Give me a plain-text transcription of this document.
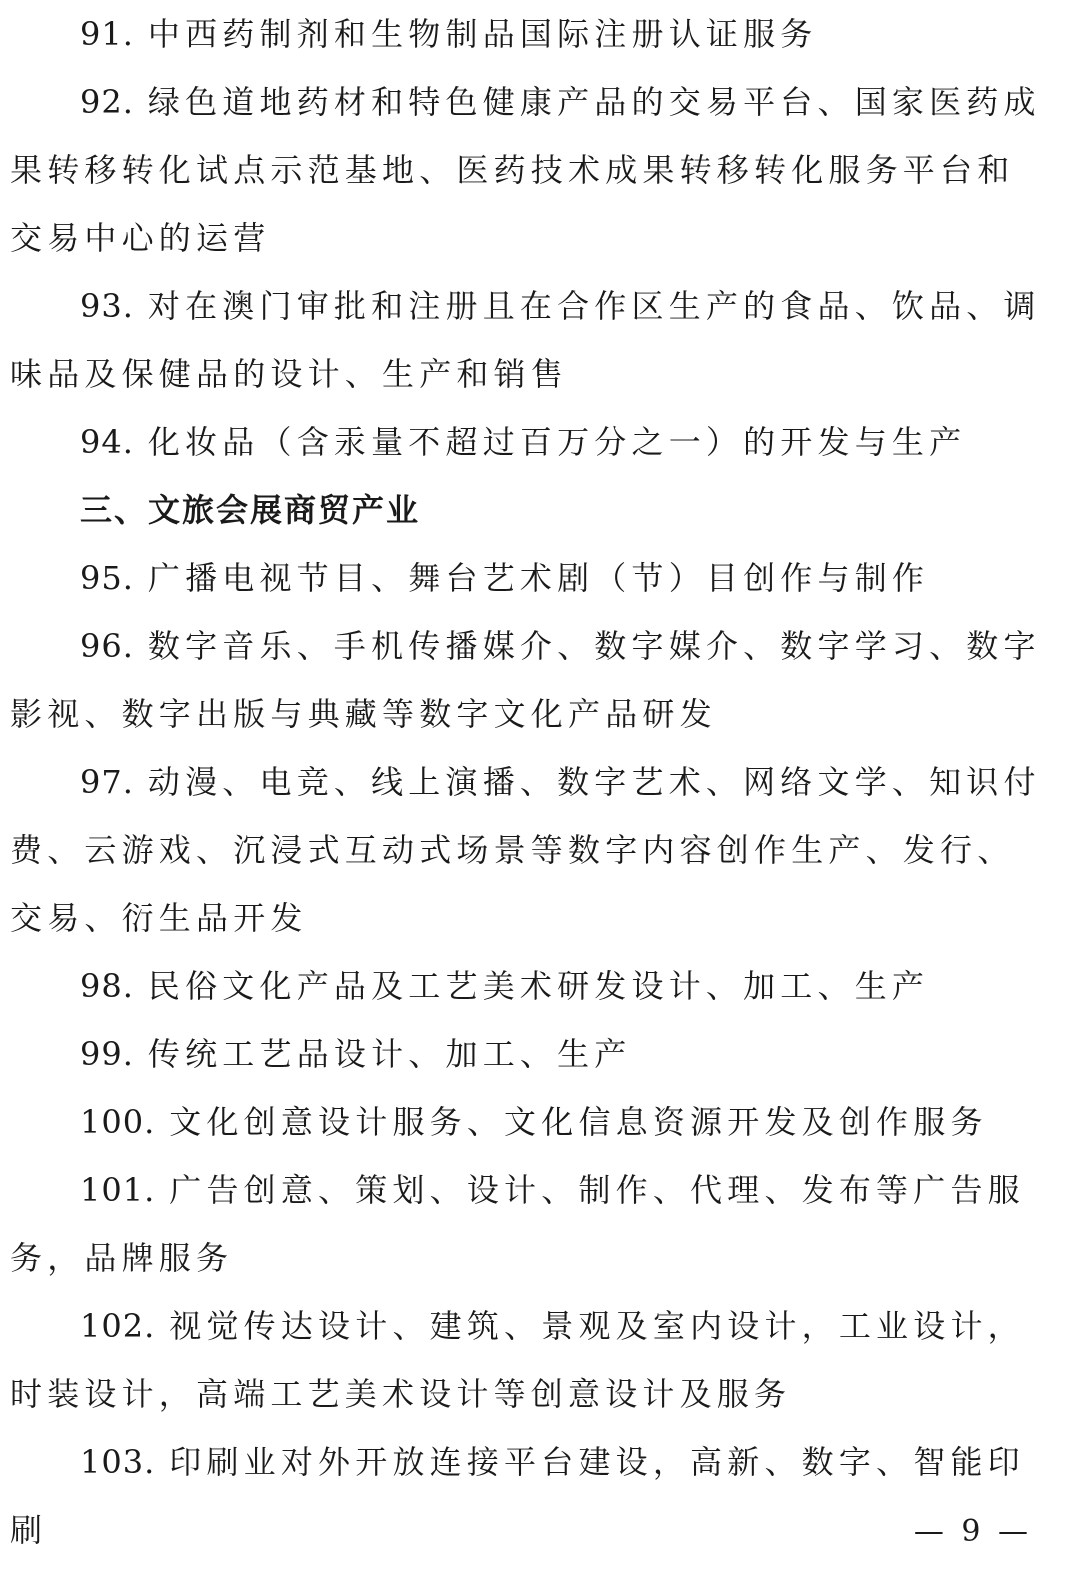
91. 中西药制剂和生物制品国际注册认证服务

92. 绿色道地药材和特色健康产品的交易平台、国家医药成果转移转化试点示范基地、医药技术成果转移转化服务平台和交易中心的运营

93. 对在澳门审批和注册且在合作区生产的食品、饮品、调味品及保健品的设计、生产和销售

94. 化妆品（含汞量不超过百万分之一）的开发与生产

三、文旅会展商贸产业

95. 广播电视节目、舞台艺术剧（节）目创作与制作

96. 数字音乐、手机传播媒介、数字媒介、数字学习、数字影视、数字出版与典藏等数字文化产品研发

97. 动漫、电竞、线上演播、数字艺术、网络文学、知识付费、云游戏、沉浸式互动式场景等数字内容创作生产、发行、交易、衍生品开发

98. 民俗文化产品及工艺美术研发设计、加工、生产

99. 传统工艺品设计、加工、生产

100. 文化创意设计服务、文化信息资源开发及创作服务

101. 广告创意、策划、设计、制作、代理、发布等广告服务，品牌服务

102. 视觉传达设计、建筑、景观及室内设计，工业设计，时装设计，高端工艺美术设计等创意设计及服务

103. 印刷业对外开放连接平台建设，高新、数字、智能印刷	— 9 —
